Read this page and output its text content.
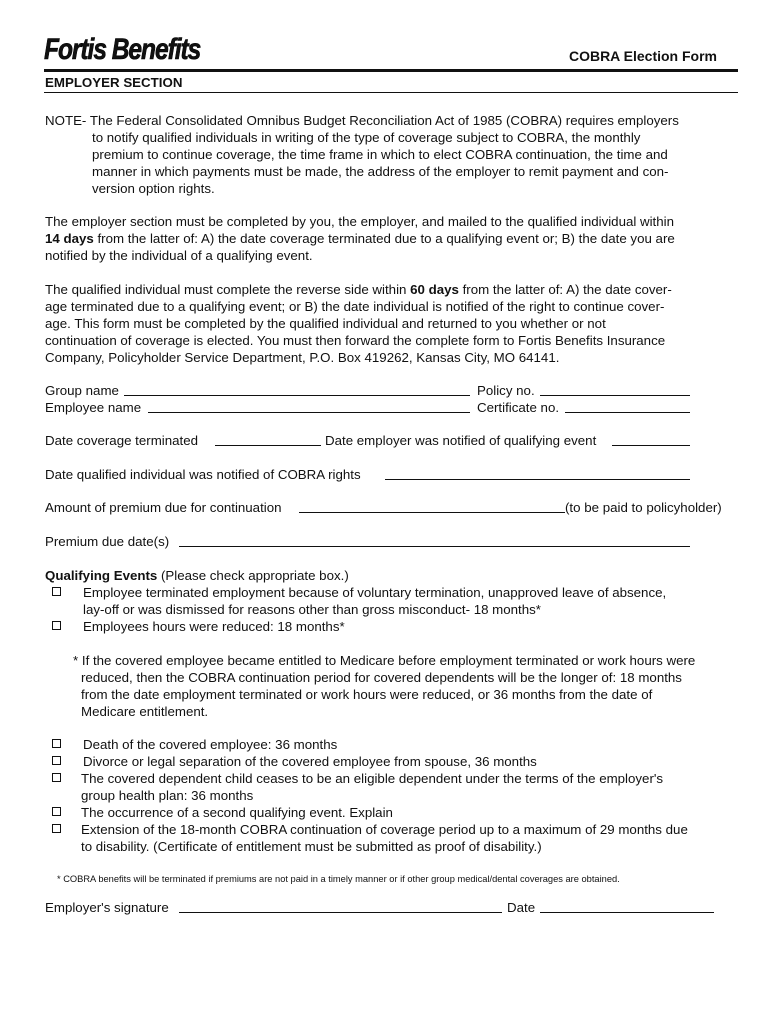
Fortis Benefits	COBRA Election Form
EMPLOYER SECTION
NOTE- The Federal Consolidated Omnibus Budget Reconciliation Act of 1985 (COBRA) requires employers
to notify qualified individuals in writing of the type of coverage subject to COBRA, the monthly
premium to continue coverage, the time frame in which to elect COBRA continuation, the time and
manner in which payments must be made, the address of the employer to remit payment and con-
version option rights.
The employer section must be completed by you, the employer, and mailed to the qualified individual within
14 days from the latter of: A) the date coverage terminated due to a qualifying event or; B) the date you are
notified by the individual of a qualifying event.
The qualified individual must complete the reverse side within 60 days from the latter of: A) the date cover-
age terminated due to a qualifying event; or B) the date individual is notified of the right to continue cover-
age. This form must be completed by the qualified individual and returned to you whether or not
continuation of coverage is elected. You must then forward the complete form to Fortis Benefits Insurance
Company, Policyholder Service Department, P.O. Box 419262, Kansas City, MO 64141.
Group name	Policy no.
Employee name	Certificate no.
Date coverage terminated	Date employer was notified of qualifying event
Date qualified individual was notified of COBRA rights
Amount of premium due for continuation	(to be paid to policyholder)
Premium due date(s)
Qualifying Events (Please check appropriate box.)
Employee terminated employment because of voluntary termination, unapproved leave of absence,
lay-off or was dismissed for reasons other than gross misconduct- 18 months*
Employees hours were reduced: 18 months*
* If the covered employee became entitled to Medicare before employment terminated or work hours were
reduced, then the COBRA continuation period for covered dependents will be the longer of: 18 months
from the date employment terminated or work hours were reduced, or 36 months from the date of
Medicare entitlement.
Death of the covered employee: 36 months
Divorce or legal separation of the covered employee from spouse, 36 months
The covered dependent child ceases to be an eligible dependent under the terms of the employer's
group health plan: 36 months
The occurrence of a second qualifying event. Explain
Extension of the 18-month COBRA continuation of coverage period up to a maximum of 29 months due
to disability. (Certificate of entitlement must be submitted as proof of disability.)
* COBRA benefits will be terminated if premiums are not paid in a timely manner or if other group medical/dental coverages are obtained.
Employer's signature	Date
